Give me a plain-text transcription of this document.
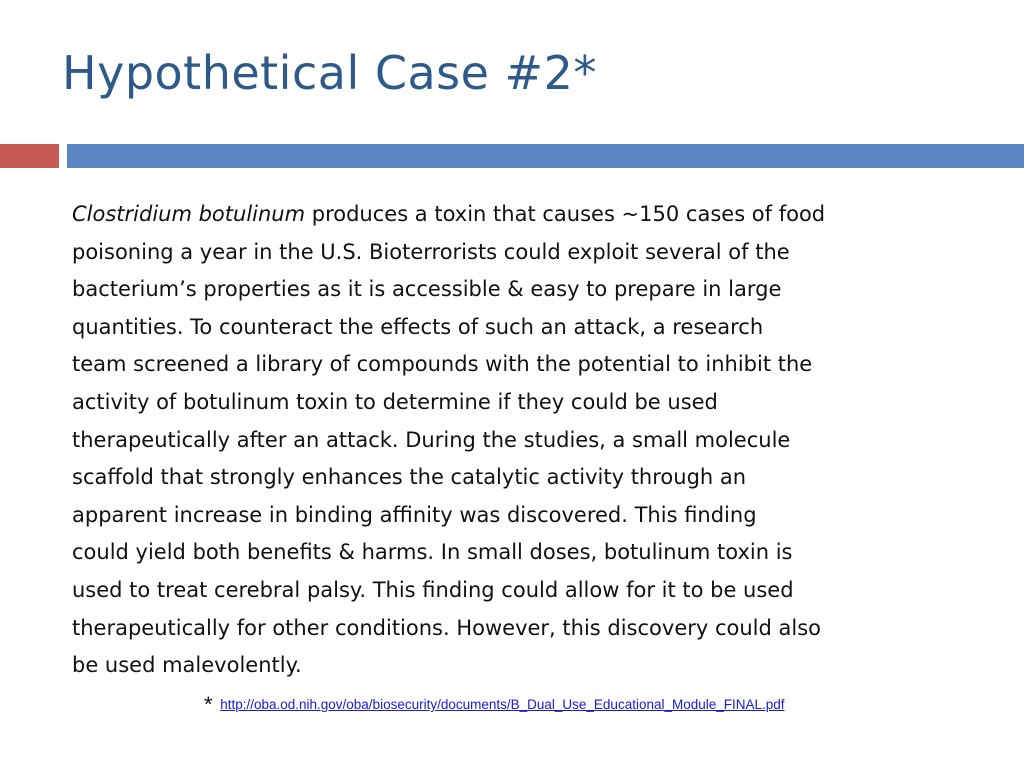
Hypothetical Case #2*

Clostridium botulinum produces a toxin that causes ~150 cases of food
poisoning a year in the U.S. Bioterrorists could exploit several of the
bacterium’s properties as it is accessible & easy to prepare in large
quantities. To counteract the effects of such an attack, a research
team screened a library of compounds with the potential to inhibit the
activity of botulinum toxin to determine if they could be used
therapeutically after an attack. During the studies, a small molecule
scaffold that strongly enhances the catalytic activity through an
apparent increase in binding affinity was discovered. This finding
could yield both benefits & harms. In small doses, botulinum toxin is
used to treat cerebral palsy. This finding could allow for it to be used
therapeutically for other conditions. However, this discovery could also
be used malevolently.

* http://oba.od.nih.gov/oba/biosecurity/documents/B_Dual_Use_Educational_Module_FINAL.pdf
